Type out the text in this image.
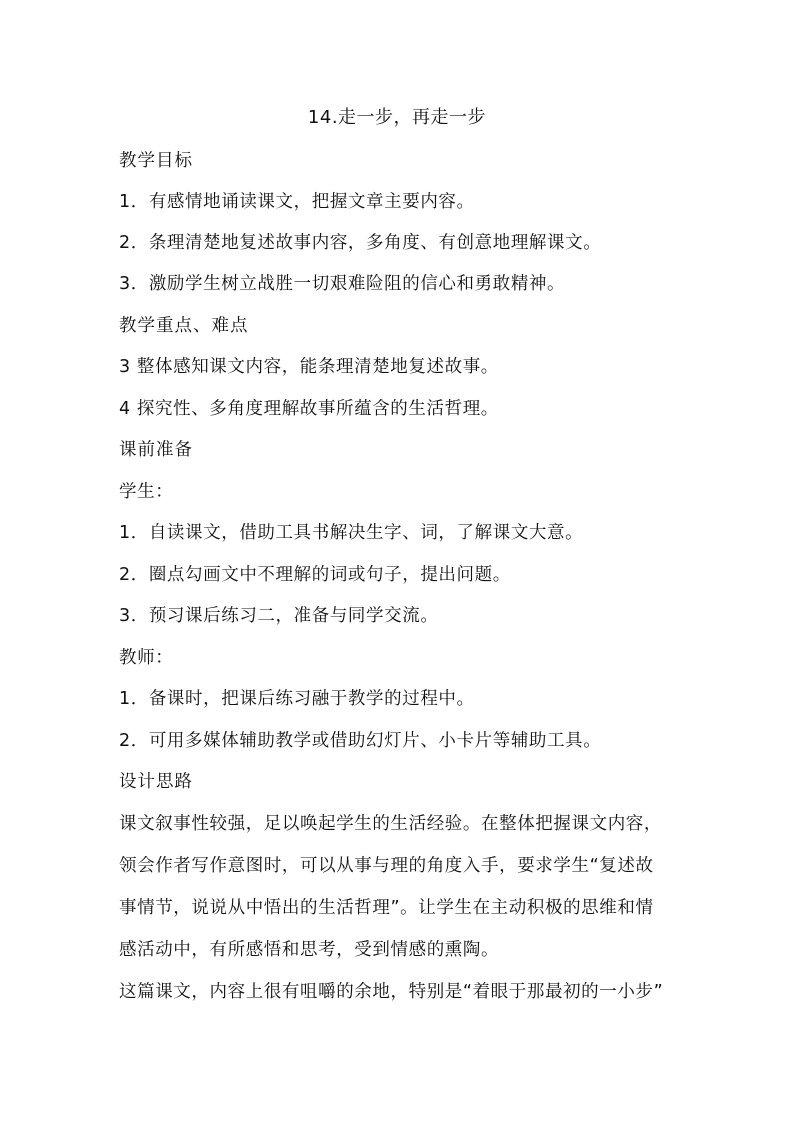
14.走一步，再走一步
教学目标
1．有感情地诵读课文，把握文章主要内容。
2．条理清楚地复述故事内容，多角度、有创意地理解课文。
3．激励学生树立战胜一切艰难险阻的信心和勇敢精神。
教学重点、难点
3 整体感知课文内容，能条理清楚地复述故事。
4 探究性、多角度理解故事所蕴含的生活哲理。
课前准备
学生：
1．自读课文，借助工具书解决生字、词，了解课文大意。
2．圈点勾画文中不理解的词或句子，提出问题。
3．预习课后练习二，准备与同学交流。
教师：
1．备课时，把课后练习融于教学的过程中。
2．可用多媒体辅助教学或借助幻灯片、小卡片等辅助工具。
设计思路
课文叙事性较强，足以唤起学生的生活经验。在整体把握课文内容，
领会作者写作意图时，可以从事与理的角度入手，要求学生“复述故
事情节，说说从中悟出的生活哲理”。让学生在主动积极的思维和情
感活动中，有所感悟和思考，受到情感的熏陶。
这篇课文，内容上很有咀嚼的余地，特别是“着眼于那最初的一小步”
